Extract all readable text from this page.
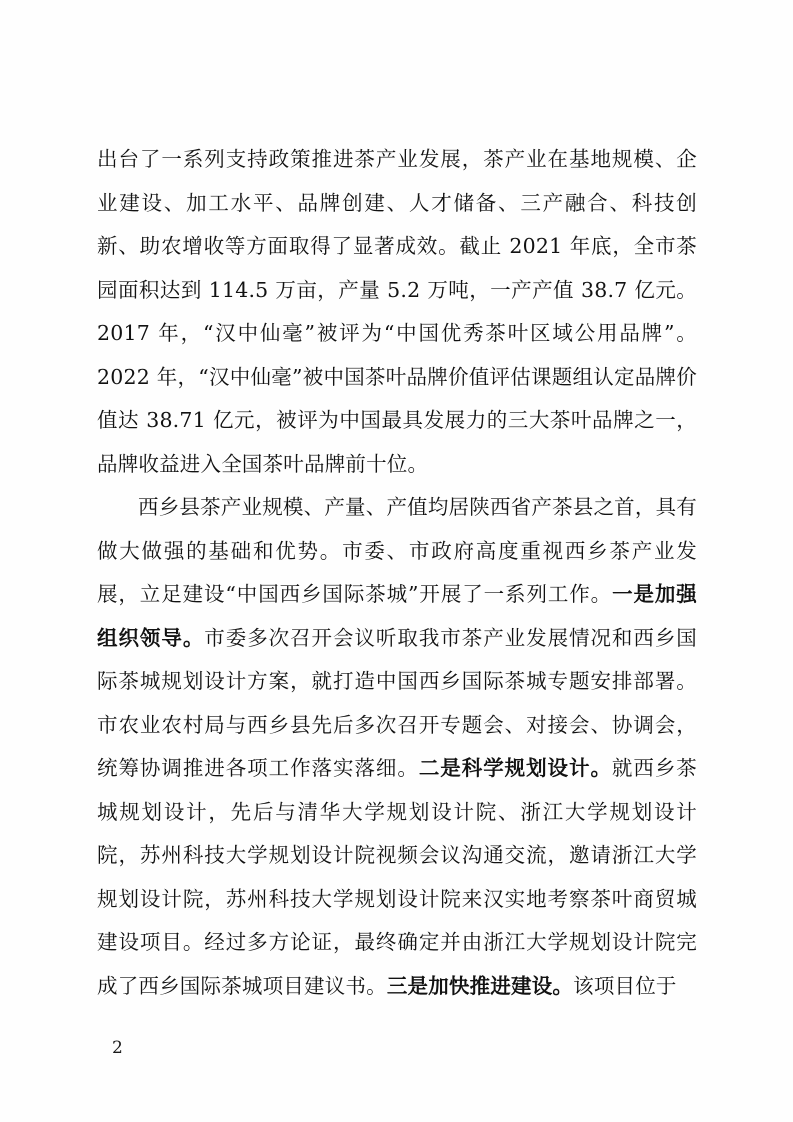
出台了一系列支持政策推进茶产业发展，茶产业在基地规模、企业建设、加工水平、品牌创建、人才储备、三产融合、科技创新、助农增收等方面取得了显著成效。截止 2021 年底，全市茶园面积达到 114.5 万亩，产量 5.2 万吨，一产产值 38.7 亿元。2017 年，“汉中仙毫”被评为“中国优秀茶叶区域公用品牌”。2022 年，“汉中仙毫”被中国茶叶品牌价值评估课题组认定品牌价值达 38.71 亿元，被评为中国最具发展力的三大茶叶品牌之一，品牌收益进入全国茶叶品牌前十位。

西乡县茶产业规模、产量、产值均居陕西省产茶县之首，具有做大做强的基础和优势。市委、市政府高度重视西乡茶产业发展，立足建设“中国西乡国际茶城”开展了一系列工作。一是加强组织领导。市委多次召开会议听取我市茶产业发展情况和西乡国际茶城规划设计方案，就打造中国西乡国际茶城专题安排部署。市农业农村局与西乡县先后多次召开专题会、对接会、协调会，统筹协调推进各项工作落实落细。二是科学规划设计。就西乡茶城规划设计，先后与清华大学规划设计院、浙江大学规划设计院，苏州科技大学规划设计院视频会议沟通交流，邀请浙江大学规划设计院，苏州科技大学规划设计院来汉实地考察茶叶商贸城建设项目。经过多方论证，最终确定并由浙江大学规划设计院完成了西乡国际茶城项目建议书。三是加快推进建设。该项目位于

2
